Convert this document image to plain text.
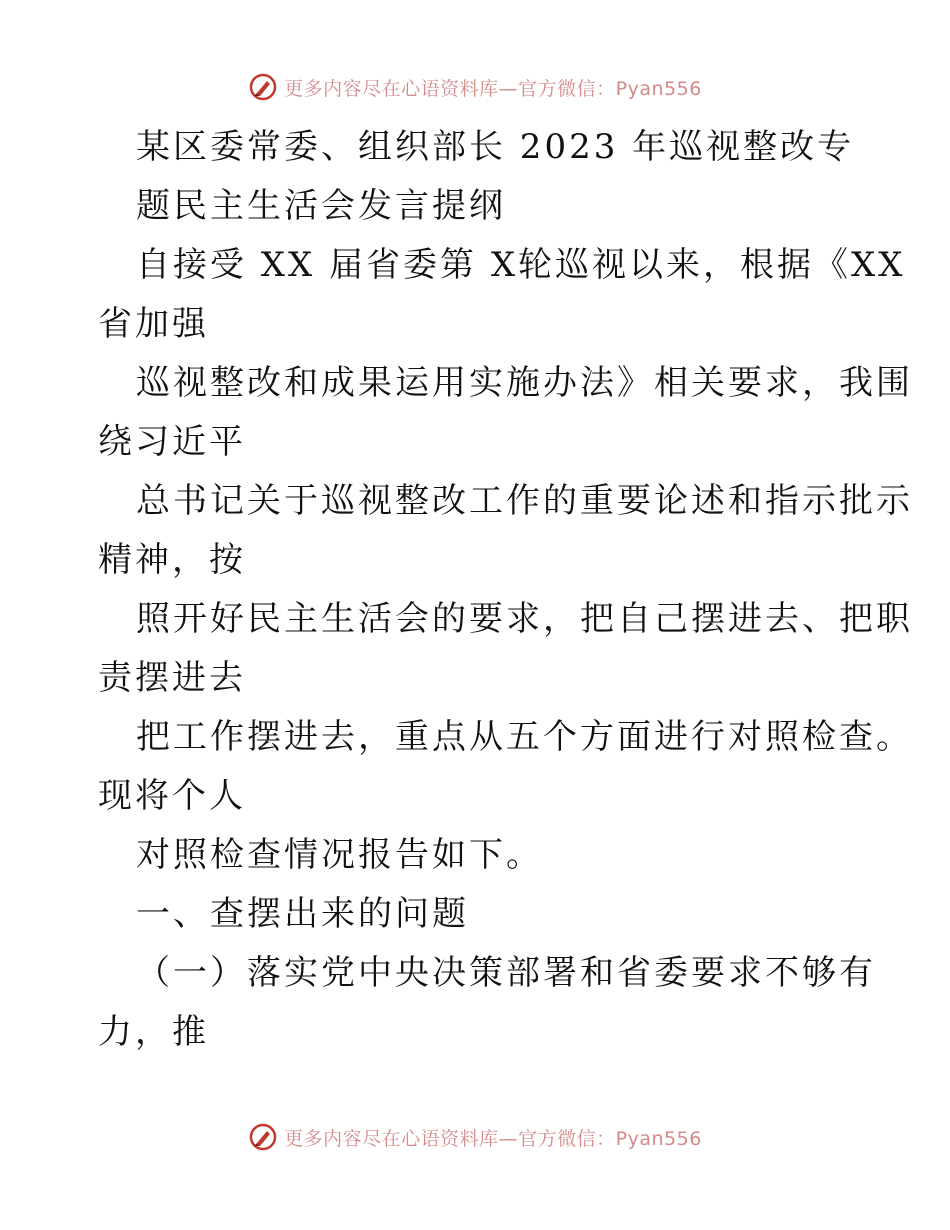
更多内容尽在心语资料库—官方微信：Pyan556
某区委常委、组织部长 2023 年巡视整改专
题民主生活会发言提纲
自接受 XX 届省委第 X轮巡视以来，根据《XX
省加强
巡视整改和成果运用实施办法》相关要求，我围
绕习近平
总书记关于巡视整改工作的重要论述和指示批示
精神，按
照开好民主生活会的要求，把自己摆进去、把职
责摆进去
把工作摆进去，重点从五个方面进行对照检查。
现将个人
对照检查情况报告如下。
一、查摆出来的问题
（一）落实党中央决策部署和省委要求不够有
力，推
更多内容尽在心语资料库—官方微信：Pyan556
